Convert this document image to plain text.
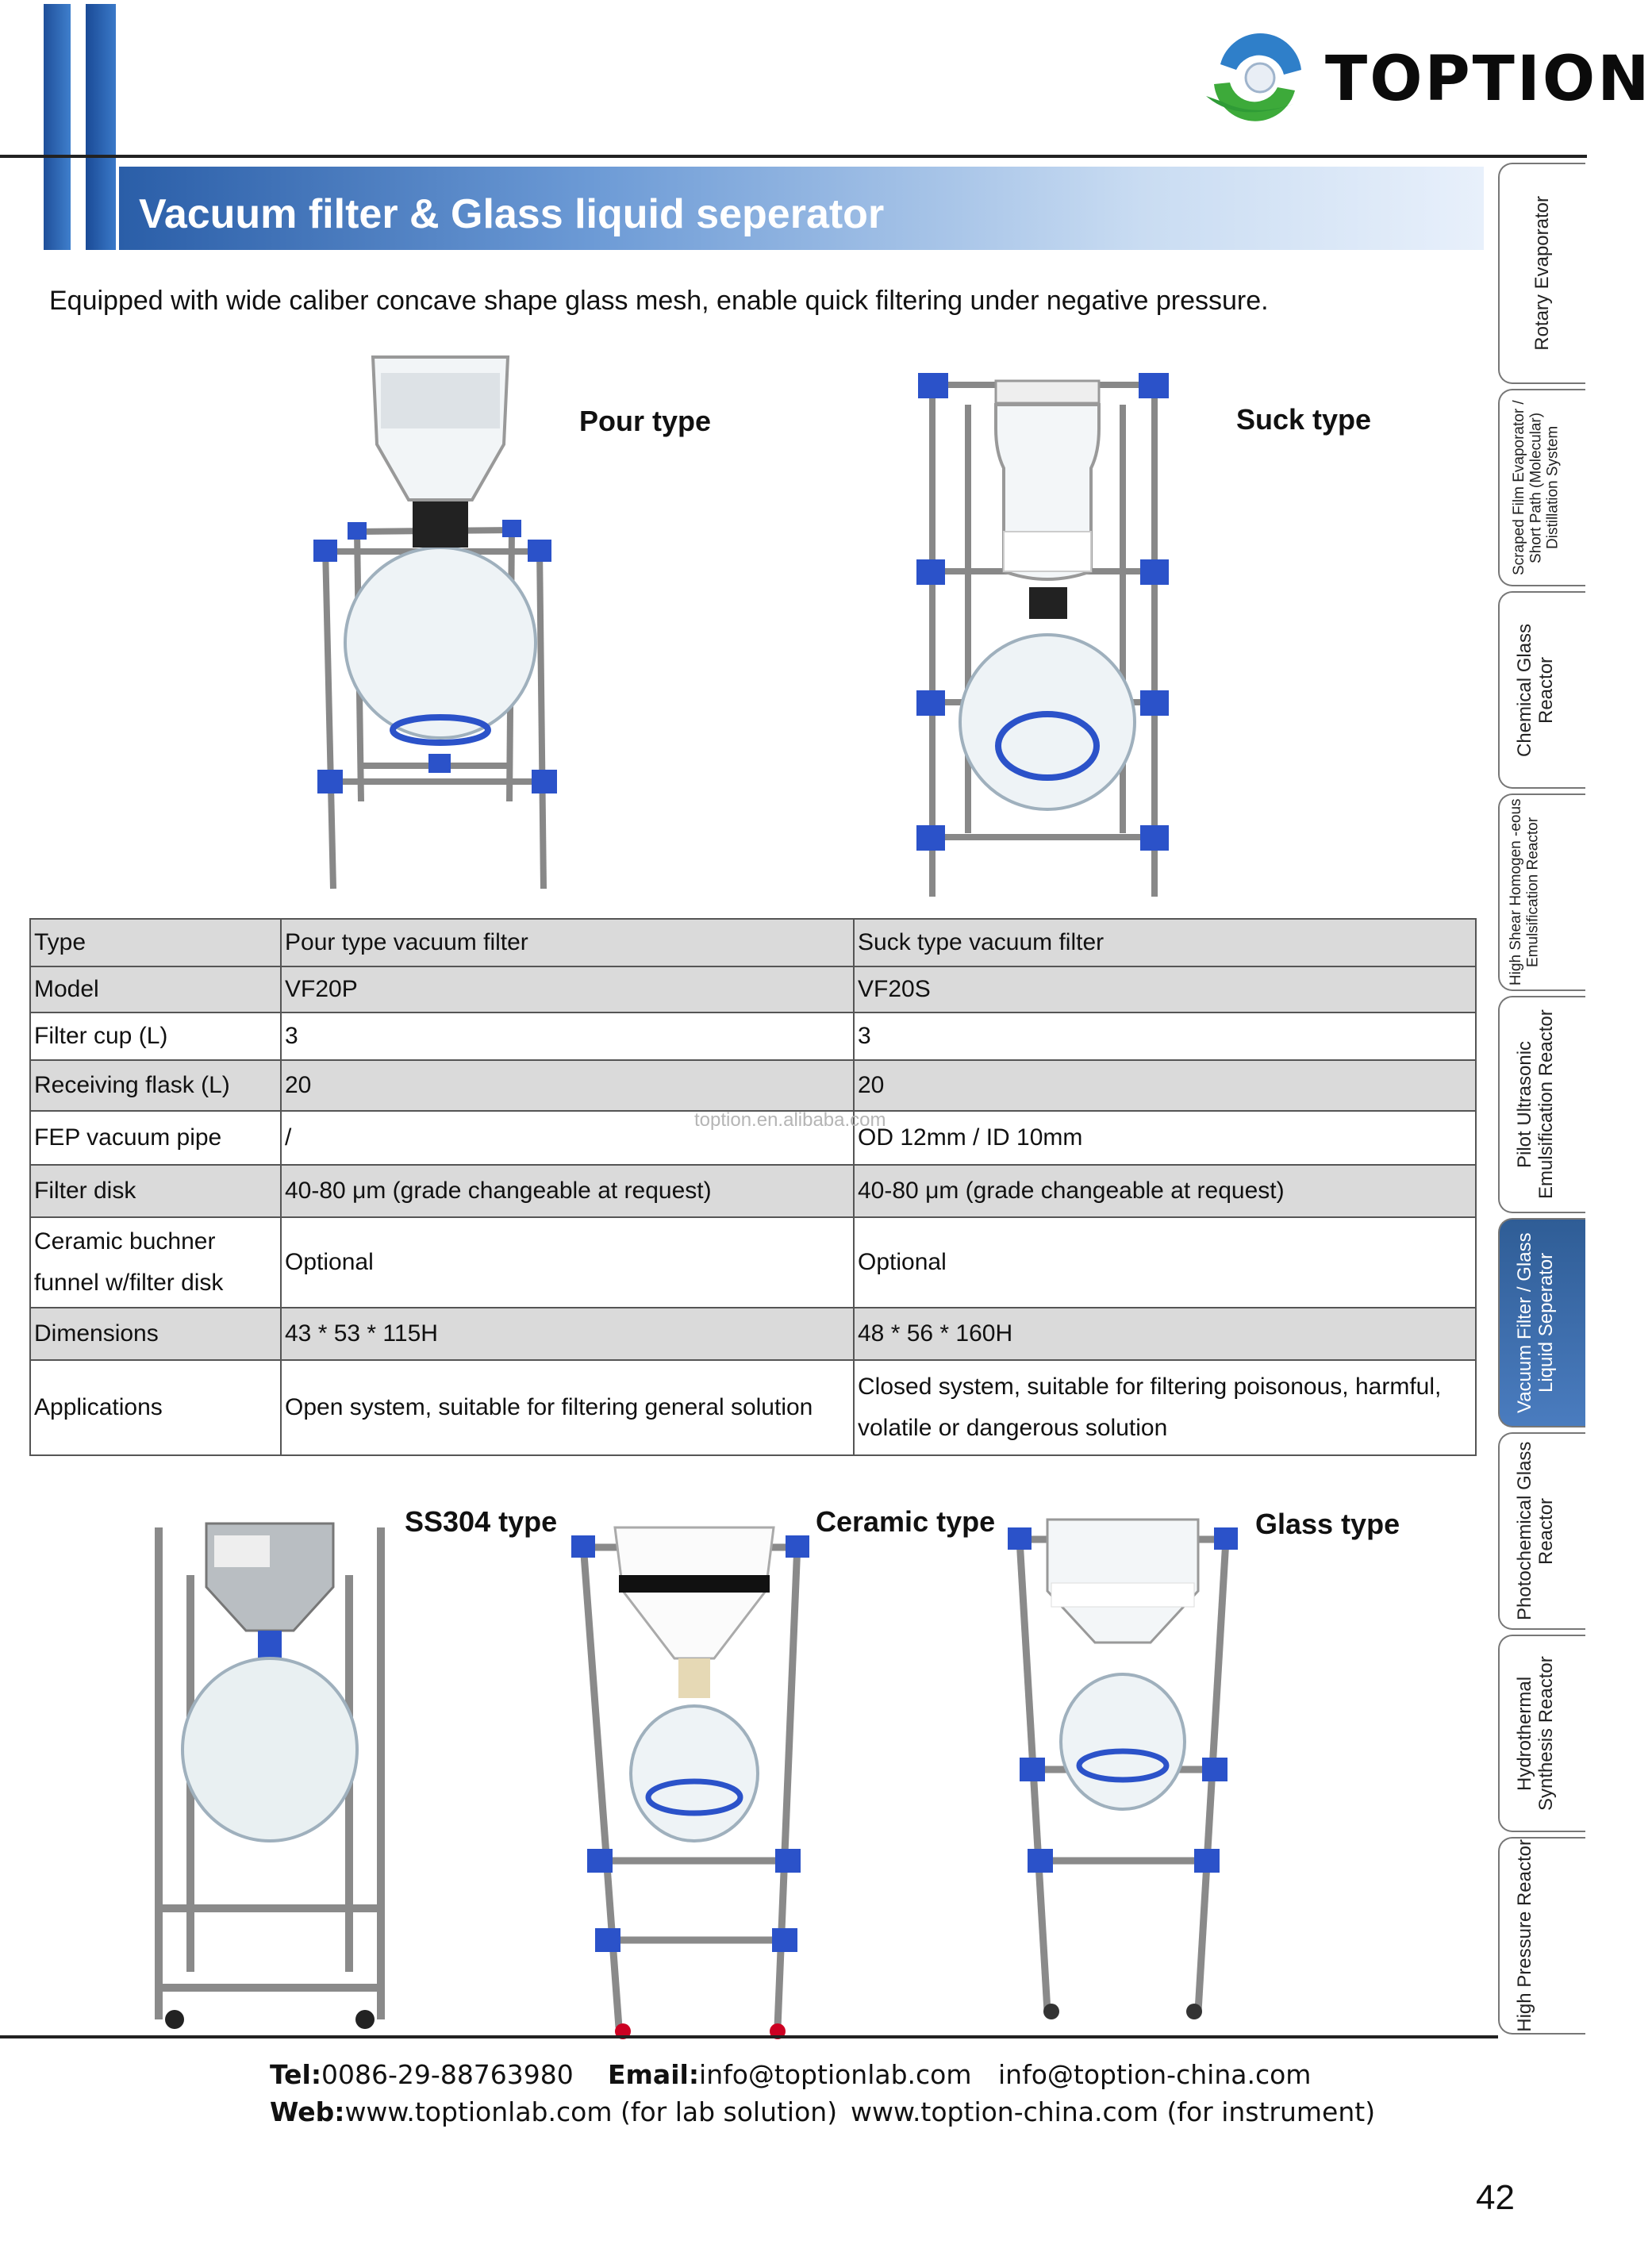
TOPTION
Vacuum filter & Glass liquid seperator
Equipped with wide caliber concave shape glass mesh, enable quick filtering under negative pressure.	Rotary Evaporator
Scraped Film Evaporator / Short Path (Molecular) Distillation System
Chemical Glass Reactor
High Shear Homogen -eous Emulsification Reactor
Pilot Ultrasonic Emulsification Reactor
Vacuum Filter / Glass Liquid Seperator
Photochemical Glass Reactor
Hydrothermal Synthesis Reactor
High Pressure Reactor
Pour type	Suck type
Type	Pour type vacuum filter	Suck type vacuum filter
Model	VF20P	VF20S
Filter cup (L)	3	3
Receiving flask (L)	20	20
FEP vacuum pipe	/	OD 12mm / ID 10mm
Filter disk	40-80 μm (grade changeable at request)	40-80 μm (grade changeable at request)
Ceramic buchner funnel w/filter disk	Optional	Optional
Dimensions	43 * 53 * 115H	48 * 56 * 160H
Applications	Open system, suitable for filtering general solution	Closed system, suitable for filtering poisonous, harmful, volatile or dangerous solution
toption.en.alibaba.com
SS304 type	Ceramic type	Glass type
Tel:0086-29-88763980 Email:info@toptionlab.com info@toption-china.com
Web:www.toptionlab.com (for lab solution) www.toption-china.com (for instrument)
42
